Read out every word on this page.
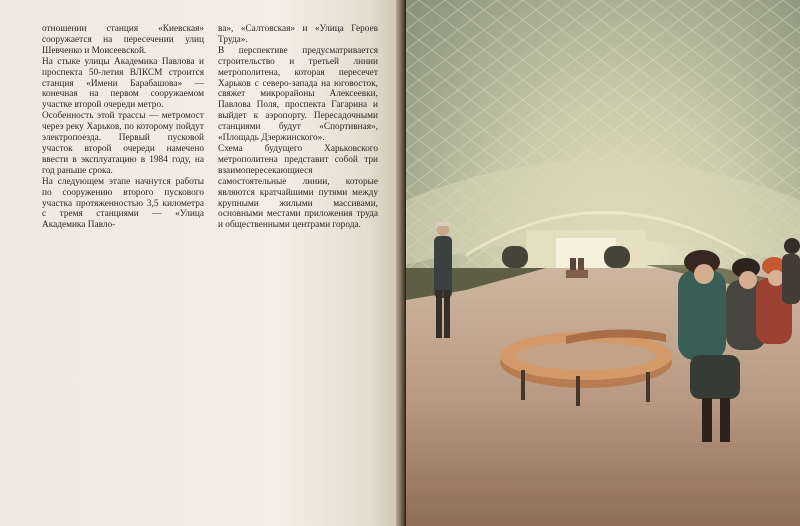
отношении станция «Киевская» сооружается на пересечении улиц Шевченко и Моисеевской.

На стыке улицы Академика Павлова и проспекта 50-летия ВЛКСМ строится станция «Имени Барабашова» — конечная на первом сооружаемом участке второй очереди метро.

Особенность этой трассы — метромост через реку Харьков, по которому пойдут электропоезда. Первый пусковой участок второй очереди намечено ввести в эксплуатацию в 1984 году, на год раньше срока.

На следующем этапе начнутся работы по сооружению второго пускового участка протяженностью 3,5 километра с тремя станциями — «Улица Академика Павло-

ва», «Салтовская» и «Улица Героев Труда».

В перспективе предусматривается строительство и третьей линии метрополитена, которая пересечет Харьков с северо-запада на юговосток, свяжет микрорайоны Алексеевки, Павлова Поля, проспекта Гагарина и выйдет к аэропорту. Пересадочными станциями будут «Спортивная», «Площадь Дзержинского».

Схема будущего Харьковского метрополитена представит собой три взаимопересекающиеся самостоятельные линии, которые являются кратчайшими путями между крупными жилыми массивами, основными местами приложения труда и общественными центрами города.
